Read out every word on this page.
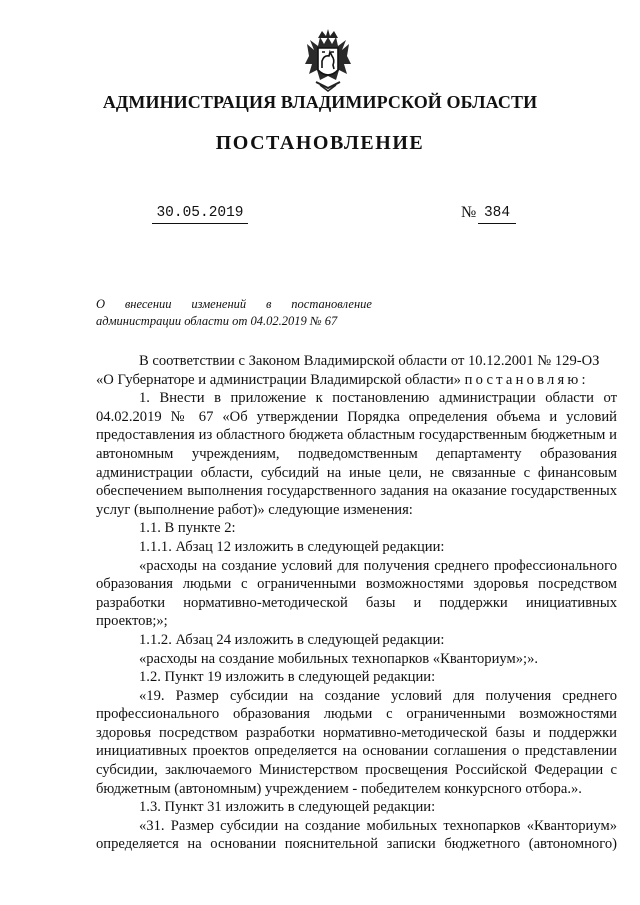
АДМИНИСТРАЦИЯ ВЛАДИМИРСКОЙ ОБЛАСТИ
ПОСТАНОВЛЕНИЕ
30.05.2019	№ 384
О внесении изменений в постановление
администрации области от 04.02.2019 № 67

В соответствии с Законом Владимирской области от 10.12.2001 № 129-ОЗ

«О Губернаторе и администрации Владимирской области» постановляю:

1. Внести в приложение к постановлению администрации области от 04.02.2019 № 67 «Об утверждении Порядка определения объема и условий предоставления из областного бюджета областным государственным бюджетным и автономным учреждениям, подведомственным департаменту образования администрации области, субсидий на иные цели, не связанные с финансовым обеспечением выполнения государственного задания на оказание государственных услуг (выполнение работ)» следующие изменения:

1.1. В пункте 2:

1.1.1. Абзац 12 изложить в следующей редакции:

«расходы на создание условий для получения среднего профессионального образования людьми с ограниченными возможностями здоровья посредством разработки нормативно-методической базы и поддержки инициативных проектов;»;

1.1.2. Абзац 24 изложить в следующей редакции:

«расходы на создание мобильных технопарков «Кванториум»;».

1.2. Пункт 19 изложить в следующей редакции:

«19. Размер субсидии на создание условий для получения среднего профессионального образования людьми с ограниченными возможностями здоровья посредством разработки нормативно-методической базы и поддержки инициативных проектов определяется на основании соглашения о представлении субсидии, заключаемого Министерством просвещения Российской Федерации с бюджетным (автономным) учреждением - победителем конкурсного отбора.».

1.3. Пункт 31 изложить в следующей редакции:

«31. Размер субсидии на создание мобильных технопарков «Кванториум» определяется на основании пояснительной записки бюджетного (автономного)
